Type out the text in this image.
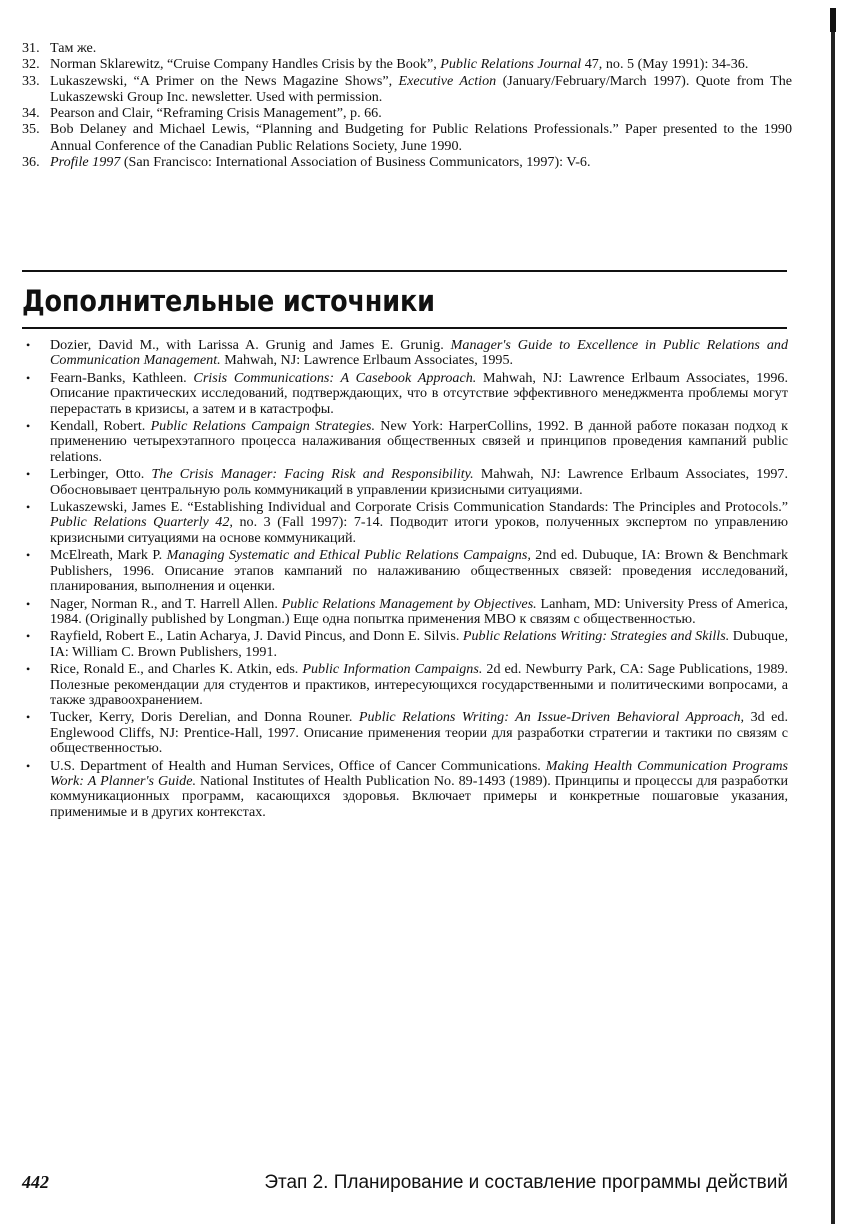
31. Там же.
32. Norman Sklarewitz, “Cruise Company Handles Crisis by the Book”, Public Relations Journal 47, no. 5 (May 1991): 34-36.
33. Lukaszewski, “A Primer on the News Magazine Shows”, Executive Action (January/February/March 1997). Quote from The Lukaszewski Group Inc. newsletter. Used with permission.
34. Pearson and Clair, “Reframing Crisis Management”, p. 66.
35. Bob Delaney and Michael Lewis, “Planning and Budgeting for Public Relations Professionals.” Paper presented to the 1990 Annual Conference of the Canadian Public Relations Society, June 1990.
36. Profile 1997 (San Francisco: International Association of Business Communicators, 1997): V-6.
Дополнительные источники
•	Dozier, David M., with Larissa A. Grunig and James E. Grunig. Manager's Guide to Excellence in Public Relations and Communication Management. Mahwah, NJ: Lawrence Erlbaum Associates, 1995.
•	Fearn-Banks, Kathleen. Crisis Communications: A Casebook Approach. Mahwah, NJ: Lawrence Erlbaum Associates, 1996. Описание практических исследований, подтверждающих, что в отсутствие эффективного менеджмента проблемы могут перерастать в кризисы, а затем и в катастрофы.
•	Kendall, Robert. Public Relations Campaign Strategies. New York: HarperCollins, 1992. В данной работе показан подход к применению четырехэтапного процесса налаживания общественных связей и принципов проведения кампаний public relations.
•	Lerbinger, Otto. The Crisis Manager: Facing Risk and Responsibility. Mahwah, NJ: Lawrence Erlbaum Associates, 1997. Обосновывает центральную роль коммуникаций в управлении кризисными ситуациями.
•	Lukaszewski, James E. “Establishing Individual and Corporate Crisis Communication Standards: The Principles and Protocols.” Public Relations Quarterly 42, no. 3 (Fall 1997): 7-14. Подводит итоги уроков, полученных экспертом по управлению кризисными ситуациями на основе коммуникаций.
•	McElreath, Mark P. Managing Systematic and Ethical Public Relations Campaigns, 2nd ed. Dubuque, IA: Brown & Benchmark Publishers, 1996. Описание этапов кампаний по налаживанию общественных связей: проведения исследований, планирования, выполнения и оценки.
•	Nager, Norman R., and T. Harrell Allen. Public Relations Management by Objectives. Lanham, MD: University Press of America, 1984. (Originally published by Longman.) Еще одна попытка применения MBO к связям с общественностью.
•	Rayfield, Robert E., Latin Acharya, J. David Pincus, and Donn E. Silvis. Public Relations Writing: Strategies and Skills. Dubuque, IA: William C. Brown Publishers, 1991.
•	Rice, Ronald E., and Charles K. Atkin, eds. Public Information Campaigns. 2d ed. Newburry Park, CA: Sage Publications, 1989. Полезные рекомендации для студентов и практиков, интересующихся государственными и политическими вопросами, а также здравоохранением.
•	Tucker, Kerry, Doris Derelian, and Donna Rouner. Public Relations Writing: An Issue-Driven Behavioral Approach, 3d ed. Englewood Cliffs, NJ: Prentice-Hall, 1997. Описание применения теории для разработки стратегии и тактики по связям с общественностью.
•	U.S. Department of Health and Human Services, Office of Cancer Communications. Making Health Communication Programs Work: A Planner's Guide. National Institutes of Health Publication No. 89-1493 (1989). Принципы и процессы для разработки коммуникационных программ, касающихся здоровья. Включает примеры и конкретные пошаговые указания, применимые и в других контекстах.
442	Этап 2. Планирование и составление программы действий
